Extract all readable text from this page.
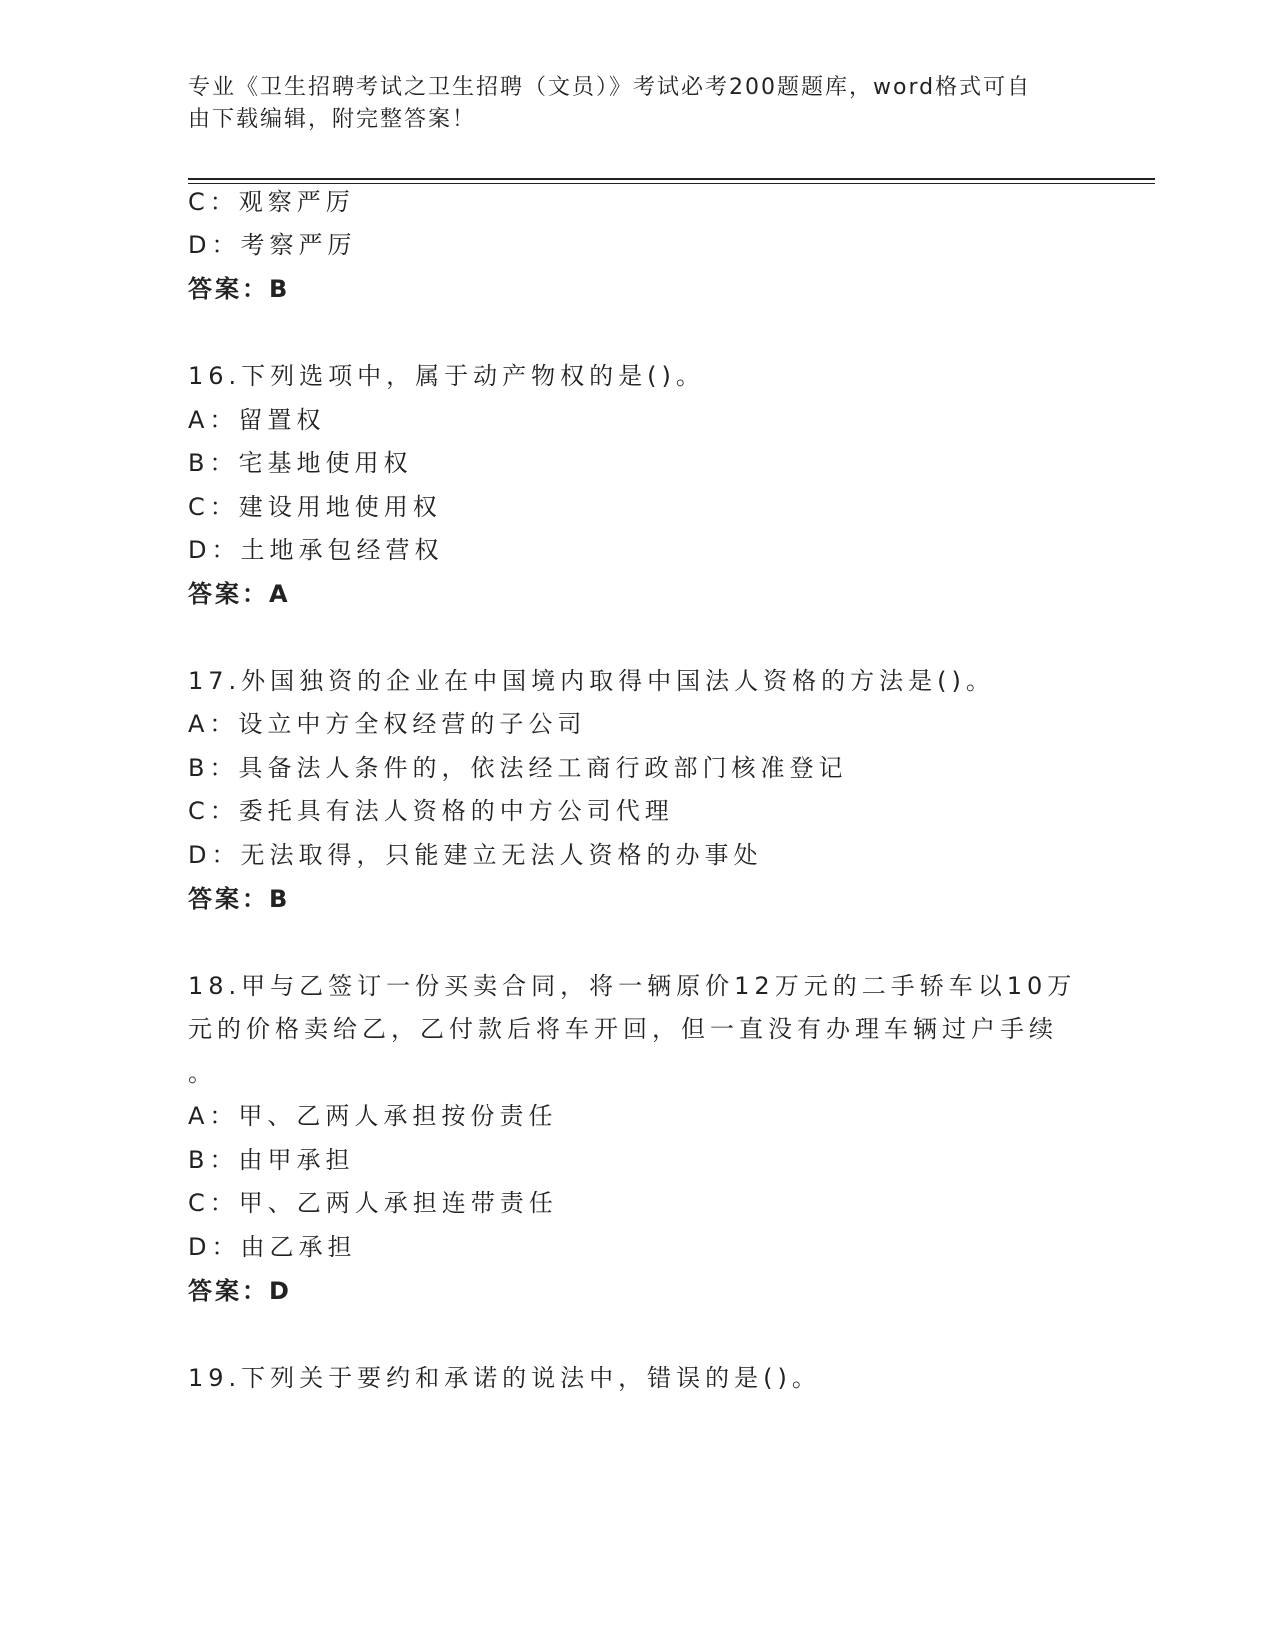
专业《卫生招聘考试之卫生招聘（文员）》考试必考200题题库，word格式可自
由下载编辑，附完整答案！
C：观察严厉
D：考察严厉
答案：B
16.下列选项中，属于动产物权的是()。
A：留置权
B：宅基地使用权
C：建设用地使用权
D：土地承包经营权
答案：A
17.外国独资的企业在中国境内取得中国法人资格的方法是()。
A：设立中方全权经营的子公司
B：具备法人条件的，依法经工商行政部门核准登记
C：委托具有法人资格的中方公司代理
D：无法取得，只能建立无法人资格的办事处
答案：B
18.甲与乙签订一份买卖合同，将一辆原价12万元的二手轿车以10万
元的价格卖给乙，乙付款后将车开回，但一直没有办理车辆过户手续
。
A：甲、乙两人承担按份责任
B：由甲承担
C：甲、乙两人承担连带责任
D：由乙承担
答案：D
19.下列关于要约和承诺的说法中，错误的是()。
